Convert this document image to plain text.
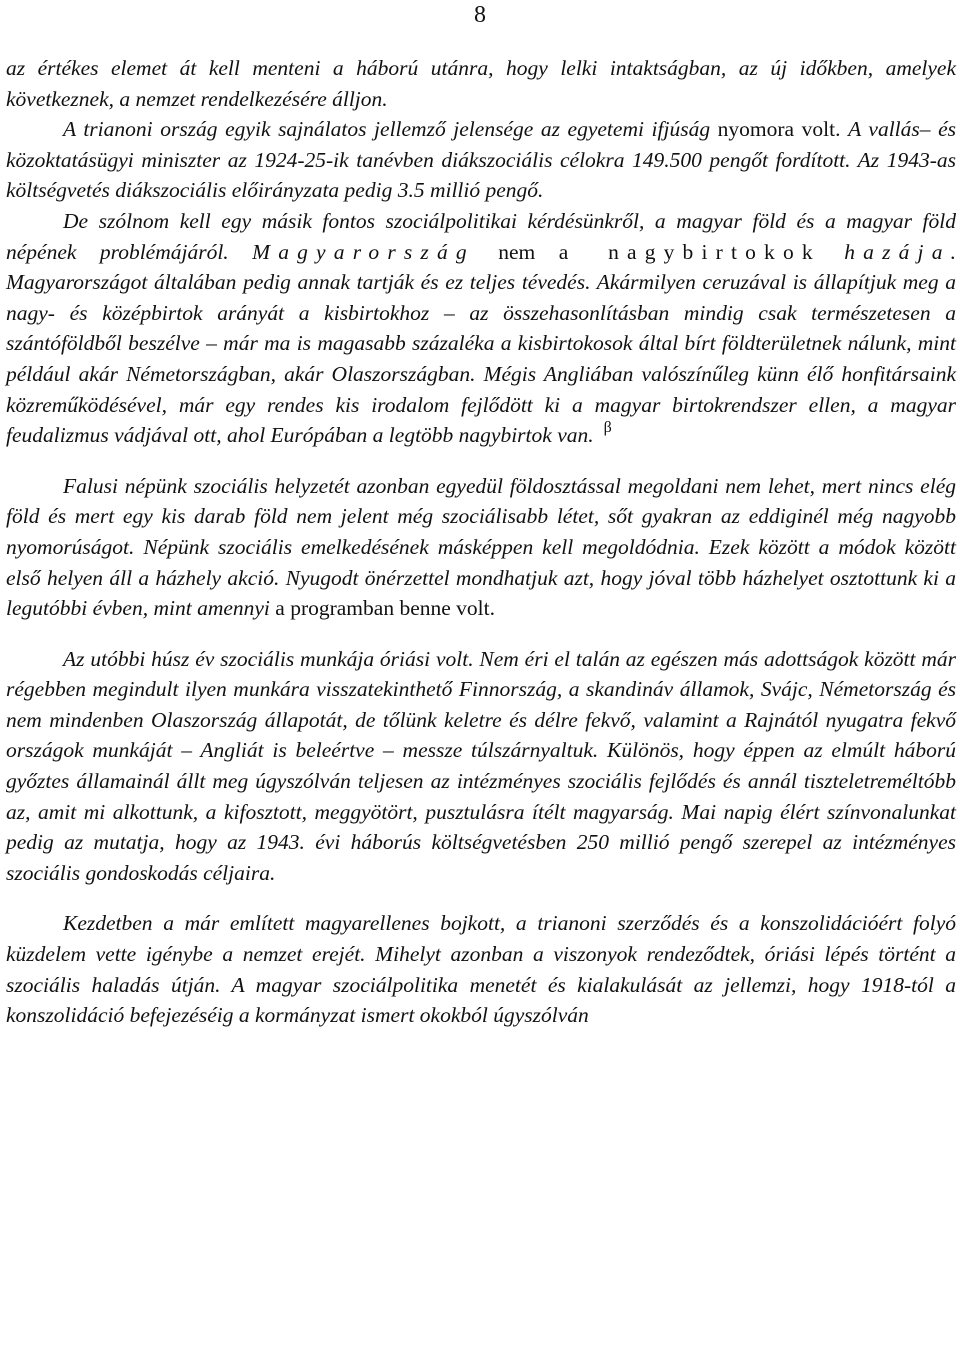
8

az értékes elemet át kell menteni a háború utánra, hogy lelki intaktságban, az új időkben, amelyek következnek, a nemzet rendelkezésére álljon.

A trianoni ország egyik sajnálatos jellemző jelensége az egyetemi ifjúság nyomora volt. A vallás– és közoktatásügyi miniszter az 1924-25-ik tanévben diákszociális célokra 149.500 pengőt fordított. Az 1943-as költségvetés diákszociális előirányzata pedig 3.5 millió pengő.

De szólnom kell egy másik fontos szociálpolitikai kérdésünkről, a magyar föld és a magyar föld népének problémájáról. Magyarország nem a nagybirtokok hazája. Magyarországot általában pedig annak tartják és ez teljes tévedés. Akármilyen ceruzával is állapítjuk meg a nagy- és középbirtok arányát a kisbirtokhoz – az összehasonlításban mindig csak természetesen a szántóföldből beszélve – már ma is magasabb százaléka a kisbirtokosok által bírt földterületnek nálunk, mint például akár Németországban, akár Olaszországban. Mégis Angliában valószínűleg künn élő honfitársaink közreműködésével, már egy rendes kis irodalom fejlődött ki a magyar birtokrendszer ellen, a magyar feudalizmus vádjával ott, ahol Európában a legtöbb nagybirtok van. $^\beta$

Falusi népünk szociális helyzetét azonban egyedül földosztással megoldani nem lehet, mert nincs elég föld és mert egy kis darab föld nem jelent még szociálisabb létet, sőt gyakran az eddiginél még nagyobb nyomorúságot. Népünk szociális emelkedésének másképpen kell megoldódnia. Ezek között a módok között első helyen áll a házhely akció. Nyugodt önérzettel mondhatjuk azt, hogy jóval több házhelyet osztottunk ki a legutóbbi évben, mint amennyi a programban benne volt.

Az utóbbi húsz év szociális munkája óriási volt. Nem éri el talán az egészen más adottságok között már régebben megindult ilyen munkára visszatekinthető Finnország, a skandináv államok, Svájc, Németország és nem mindenben Olaszország állapotát, de tőlünk keletre és délre fekvő, valamint a Rajnától nyugatra fekvő országok munkáját – Angliát is beleértve – messze túlszárnyaltuk. Különös, hogy éppen az elmúlt háború győztes államainál állt meg úgyszólván teljesen az intézményes szociális fejlődés és annál tiszteletreméltóbb az, amit mi alkottunk, a kifosztott, meggyötört, pusztulásra ítélt magyarság. Mai napig élért színvonalunkat pedig az mutatja, hogy az 1943. évi háborús költségvetésben 250 millió pengő szerepel az intézményes szociális gondoskodás céljaira.

Kezdetben a már említett magyarellenes bojkott, a trianoni szerződés és a konszolidációért folyó küzdelem vette igénybe a nemzet erejét. Mihelyt azonban a viszonyok rendeződtek, óriási lépés történt a szociális haladás útján. A magyar szociálpolitika menetét és kialakulását az jellemzi, hogy 1918-tól a konszolidáció befejezéséig a kormányzat ismert okokból úgyszólván
